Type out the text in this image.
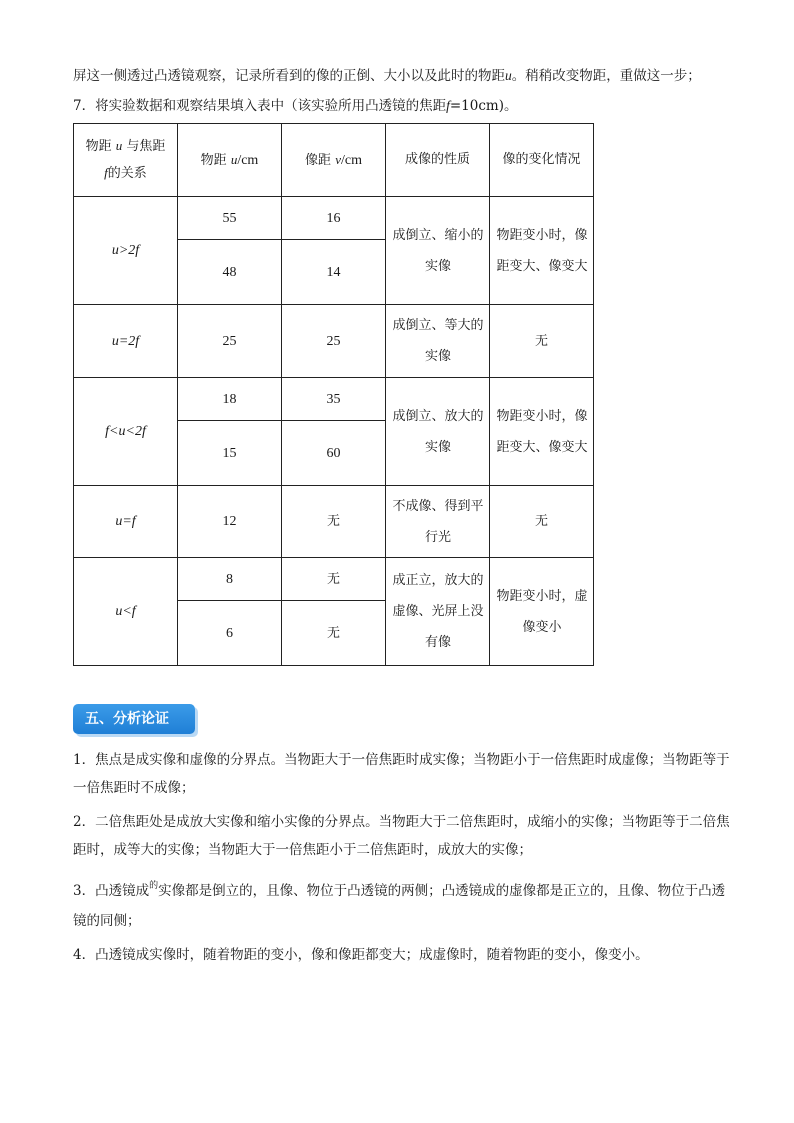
屏这一侧透过凸透镜观察，记录所看到的像的正倒、大小以及此时的物距u。稍稍改变物距，重做这一步；

7．将实验数据和观察结果填入表中（该实验所用凸透镜的焦距f=10cm)。

物距 u 与焦距
f的关系	物距 u/cm	像距 v/cm	成像的性质	像的变化情况
u>2f	55	16	成倒立、缩小的实像	物距变小时，像距变大、像变大
	48	14		
u=2f	25	25	成倒立、等大的实像	无
f<u<2f	18	35	成倒立、放大的实像	物距变小时，像距变大、像变大
	15	60		
u=f	12	无	不成像、得到平行光	无
u<f	8	无	成正立，放大的虚像、光屏上没有像	物距变小时，虚像变小
	6	无		
五、分析论证

1．焦点是成实像和虚像的分界点。当物距大于一倍焦距时成实像；当物距小于一倍焦距时成虚像；当物距等于一倍焦距时不成像；

2．二倍焦距处是成放大实像和缩小实像的分界点。当物距大于二倍焦距时，成缩小的实像；当物距等于二倍焦距时，成等大的实像；当物距大于一倍焦距小于二倍焦距时，成放大的实像；

3．凸透镜成$^的$实像都是倒立的，且像、物位于凸透镜的两侧；凸透镜成的虚像都是正立的，且像、物位于凸透镜的同侧；

4．凸透镜成实像时，随着物距的变小，像和像距都变大；成虚像时，随着物距的变小，像变小。
